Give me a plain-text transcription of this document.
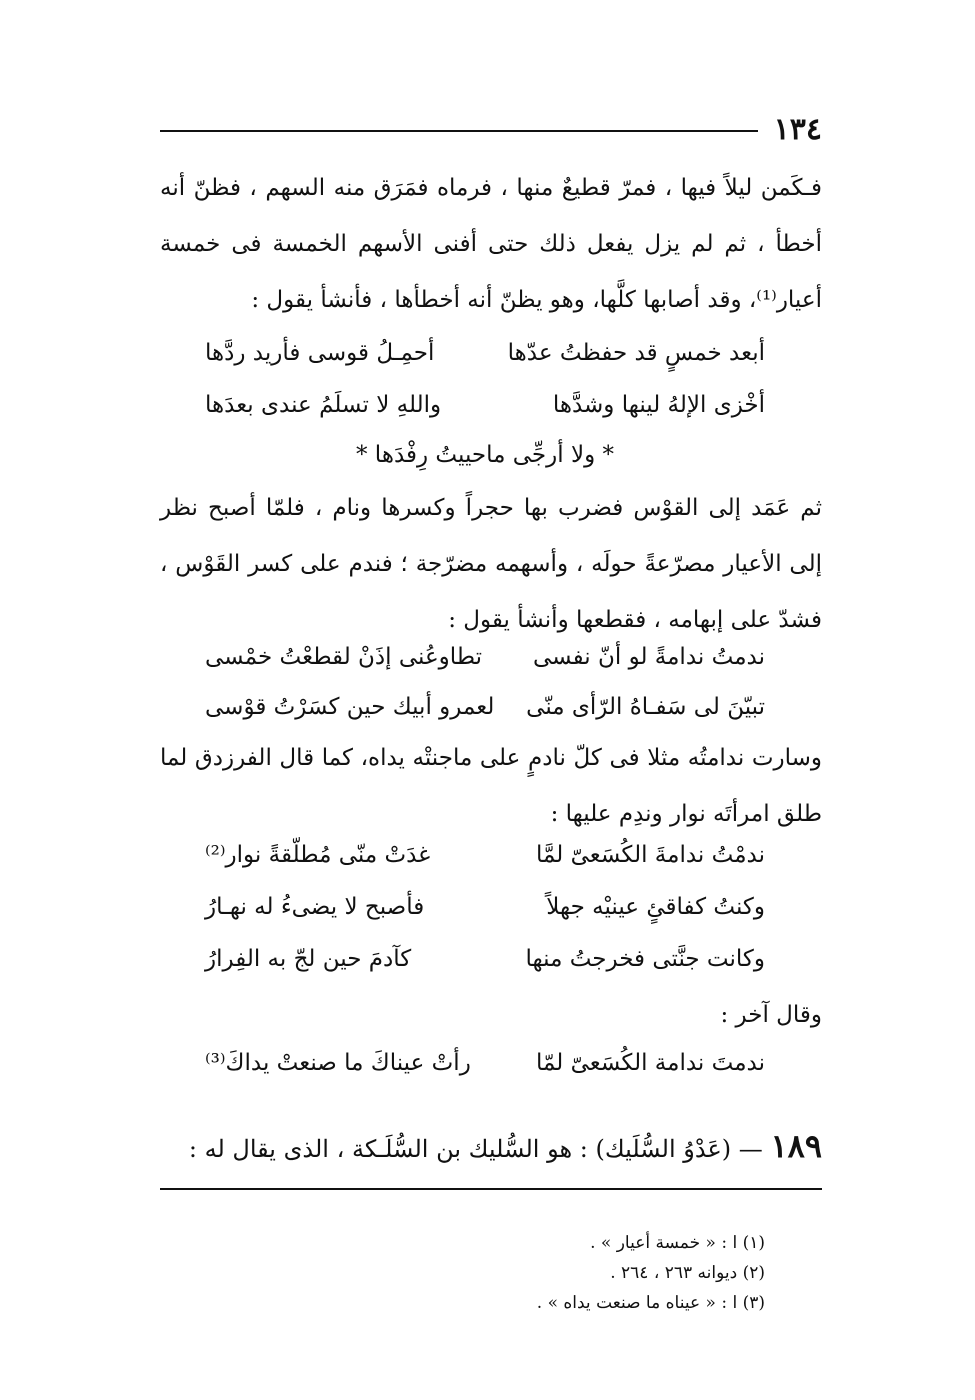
١٣٤

فـكَمن ليلاً فيها ، فمرّ قطيعٌ منها ، فرماه فمَرَق منه السهم ، فظنّ أنه أخطأ ، ثم لم يزل يفعل ذلك حتى أفنى الأسهم الخمسة فى خمسة أعيار⁽¹⁾، وقد أصابها كلَّها، وهو يظنّ أنه أخطأها ، فأنشأ يقول :

أبعد خمسٍ قد حفظتُ عدّها
أحمِـلُ قوسى فأريد ردَّها
أخْزى الإلهُ لينها وشدَّها
واللهِ لا تسلَمُ عندى بعدَها
* ولا أرجِّى ماحييتُ رِفْدَها *

ثم عَمَد إلى القوْس فضرب بها حجراً وكسرها ونام ، فلمّا أصبح نظر إلى الأعيار مصرّعةً حولَه ، وأسهمه مضرّجة ؛ فندم على كسر القَوْس ، فشدّ على إبهامه ، فقطعها وأنشأ يقول :

ندمتُ ندامةً لو أنّ نفسى
تطاوعُنى إذَنْ لقطعْتُ خمْسى
تبيّنَ لى سَفـاهُ الرّأى منّى
لعمرو أبيك حين كسَرْتُ قوْسى

وسارت ندامتُه مثلا فى كلّ نادمٍ على ماجنتْه يداه، كما قال الفرزدق لما طلق امرأتَه نوار وندِم عليها :

ندمْتُ ندامةَ الكُسَعىّ لمَّا
غدَتْ منّى مُطلّقةً نوار⁽²⁾
وكنتُ كفاقئٍ عينيْه جهلاً
فأصبح لا يضىءُ له نهـارُ
وكانت جنَّتى فخرجتُ منها
كآدمَ حين لجّ به الفِرارُ
وقال آخر :
ندمتَ ندامة الكُسَعىّ لمّا
رأتْ عيناكَ ما صنعتْ يداكَ⁽³⁾
١٨٩ — (عَدْوُ السُّلَيك) : هو السُّليك بن السُّلَـكة ، الذى يقال له :
(١) ا : « خمسة أعيار » .
(٢) ديوانه ٢٦٣ ، ٢٦٤ .
(٣) ا : « عيناه ما صنعت يداه » .
